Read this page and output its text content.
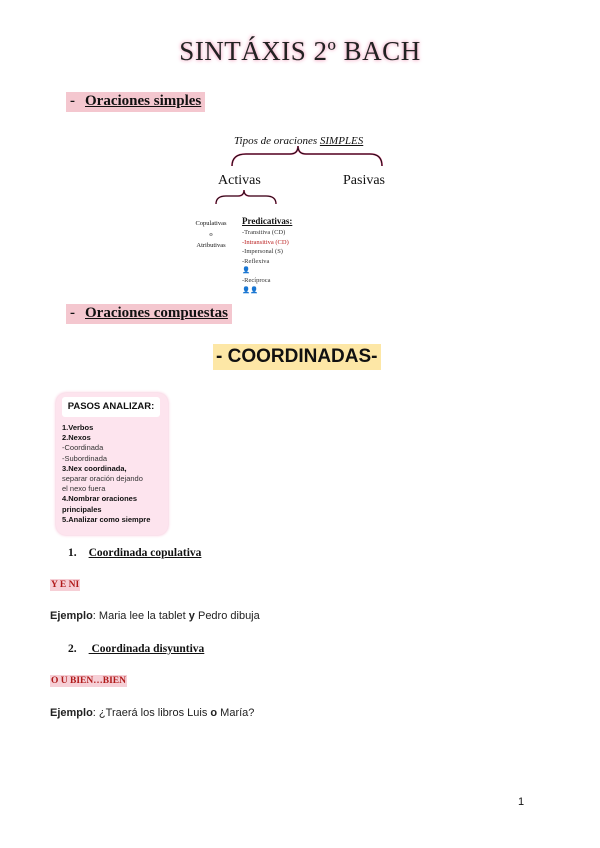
SINTÁXIS 2º BACH
- Oraciones simples
Tipos de oraciones SIMPLES
Activas	Pasivas
Copulativas
o
Atributivas
Predicativas:
-Transitiva (CD)
-Intransitiva (CD)
-Impersonal (S)
-Reflexiva
👤
-Recíproca
👤👤
- Oraciones compuestas
- COORDINADAS-
PASOS ANALIZAR:
1.Verbos
2.Nexos
-Coordinada
-Subordinada
3.Nex coordinada,
separar oración dejando
el nexo fuera
4.Nombrar oraciones
principales
5.Analizar como siempre
1. Coordinada copulativa
Y E NI
Ejemplo: Maria lee la tablet y Pedro dibuja
2. Coordinada disyuntiva
O U BIEN…BIEN
Ejemplo: ¿Traerá los libros Luis o María?
1
